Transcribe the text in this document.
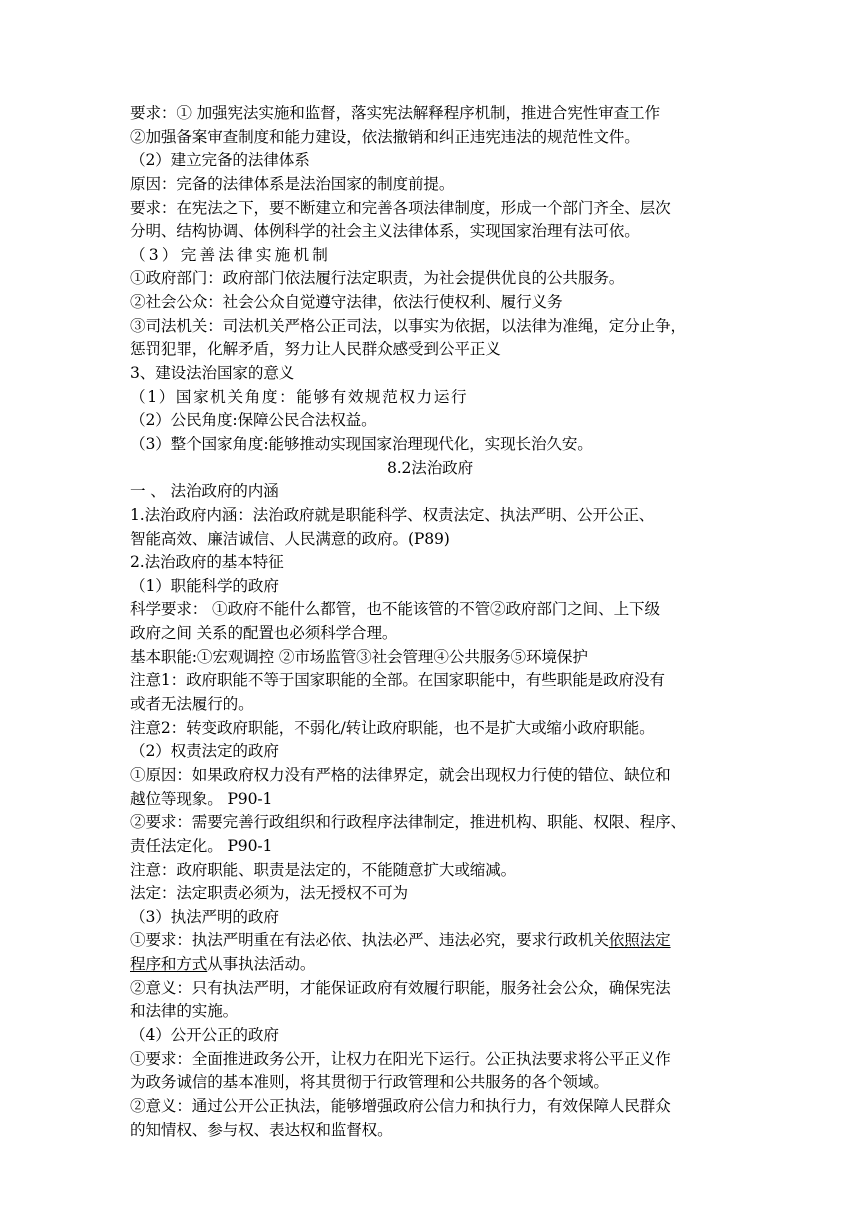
要求：① 加强宪法实施和监督，落实宪法解释程序机制，推进合宪性审查工作
②加强备案审查制度和能力建设，依法撤销和纠正违宪违法的规范性文件。
（2）建立完备的法律体系
原因：完备的法律体系是法治国家的制度前提。
要求：在宪法之下，要不断建立和完善各项法律制度，形成一个部门齐全、层次
分明、结构协调、体例科学的社会主义法律体系，实现国家治理有法可依。
（3）完善法律实施机制
①政府部门：政府部门依法履行法定职责，为社会提供优良的公共服务。
②社会公众：社会公众自觉遵守法律，依法行使权利、履行义务
③司法机关：司法机关严格公正司法，以事实为依据，以法律为准绳，定分止争，
惩罚犯罪，化解矛盾，努力让人民群众感受到公平正义
3、建设法治国家的意义
（1）国家机关角度：能够有效规范权力运行
（2）公民角度:保障公民合法权益。
（3）整个国家角度:能够推动实现国家治理现代化，实现长治久安。
8.2法治政府
一 、 法治政府的内涵
1.法治政府内涵：法治政府就是职能科学、权责法定、执法严明、公开公正、
智能高效、廉洁诚信、人民满意的政府。(P89)
2.法治政府的基本特征
（1）职能科学的政府
科学要求： ①政府不能什么都管，也不能该管的不管②政府部门之间、上下级
政府之间 关系的配置也必须科学合理。
基本职能:①宏观调控 ②市场监管③社会管理④公共服务⑤环境保护
注意1：政府职能不等于国家职能的全部。在国家职能中，有些职能是政府没有
或者无法履行的。
注意2：转变政府职能，不弱化/转让政府职能，也不是扩大或缩小政府职能。
（2）权责法定的政府
①原因：如果政府权力没有严格的法律界定，就会出现权力行使的错位、缺位和
越位等现象。 P90-1
②要求：需要完善行政组织和行政程序法律制定，推进机构、职能、权限、程序、
责任法定化。 P90-1
注意：政府职能、职责是法定的，不能随意扩大或缩减。
法定：法定职责必须为，法无授权不可为
（3）执法严明的政府
①要求：执法严明重在有法必依、执法必严、违法必究，要求行政机关依照法定
程序和方式从事执法活动。
②意义：只有执法严明，才能保证政府有效履行职能，服务社会公众，确保宪法
和法律的实施。
（4）公开公正的政府
①要求：全面推进政务公开，让权力在阳光下运行。公正执法要求将公平正义作
为政务诚信的基本准则，将其贯彻于行政管理和公共服务的各个领域。
②意义：通过公开公正执法，能够增强政府公信力和执行力，有效保障人民群众
的知情权、参与权、表达权和监督权。
